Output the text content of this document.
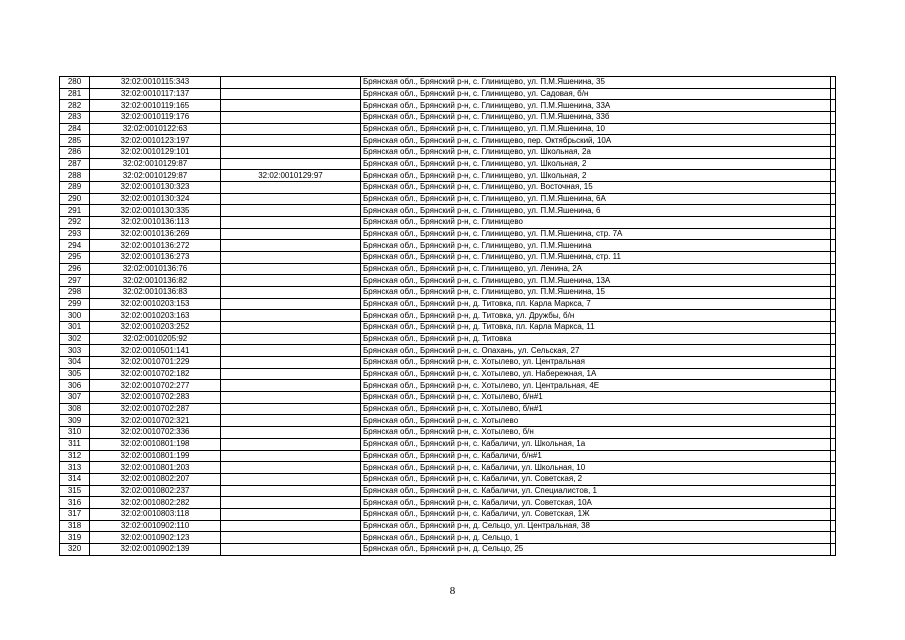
280	32:02:0010115:343		Брянская обл., Брянский р-н, с. Глинищево, ул. П.М.Яшенина, 35	
281	32:02:0010117:137		Брянская обл., Брянский р-н, с. Глинищево, ул. Садовая, б/н	
282	32:02:0010119:165		Брянская обл., Брянский р-н, с. Глинищево, ул. П.М.Яшенина, 33А	
283	32:02:0010119:176		Брянская обл., Брянский р-н, с. Глинищево, ул. П.М.Яшенина, 33б	
284	32:02:0010122:63		Брянская обл., Брянский р-н, с. Глинищево, ул. П.М.Яшенина, 10	
285	32:02:0010123:197		Брянская обл., Брянский р-н, с. Глинищево, пер. Октябрьский, 10А	
286	32:02:0010129:101		Брянская обл., Брянский р-н, с. Глинищево, ул. Школьная, 2а	
287	32:02:0010129:87		Брянская обл., Брянский р-н, с. Глинищево, ул. Школьная, 2	
288	32:02:0010129:87	32:02:0010129:97	Брянская обл., Брянский р-н, с. Глинищево, ул. Школьная, 2	
289	32:02:0010130:323		Брянская обл., Брянский р-н, с. Глинищево, ул. Восточная, 15	
290	32:02:0010130:324		Брянская обл., Брянский р-н, с. Глинищево, ул. П.М.Яшенина, 6А	
291	32:02:0010130:335		Брянская обл., Брянский р-н, с. Глинищево, ул. П.М.Яшенина, 6	
292	32:02:0010136:113		Брянская обл., Брянский р-н, с. Глинищево	
293	32:02:0010136:269		Брянская обл., Брянский р-н, с. Глинищево, ул. П.М.Яшенина, стр. 7А	
294	32:02:0010136:272		Брянская обл., Брянский р-н, с. Глинищево, ул. П.М.Яшенина	
295	32:02:0010136:273		Брянская обл., Брянский р-н, с. Глинищево, ул. П.М.Яшенина, стр. 11	
296	32:02:0010136:76		Брянская обл., Брянский р-н, с. Глинищево, ул. Ленина, 2А	
297	32:02:0010136:82		Брянская обл., Брянский р-н, с. Глинищево, ул. П.М.Яшенина, 13А	
298	32:02:0010136:83		Брянская обл., Брянский р-н, с. Глинищево, ул. П.М.Яшенина, 15	
299	32:02:0010203:153		Брянская обл., Брянский р-н, д. Титовка, пл. Карла Маркса, 7	
300	32:02:0010203:163		Брянская обл., Брянский р-н, д. Титовка, ул. Дружбы, б/н	
301	32:02:0010203:252		Брянская обл., Брянский р-н, д. Титовка, пл. Карла Маркса, 11	
302	32:02:0010205:92		Брянская обл., Брянский р-н, д. Титовка	
303	32:02:0010501:141		Брянская обл., Брянский р-н, с. Опахань, ул. Сельская, 27	
304	32:02:0010701:229		Брянская обл., Брянский р-н, с. Хотылево, ул. Центральная	
305	32:02:0010702:182		Брянская обл., Брянский р-н, с. Хотылево, ул. Набережная, 1А	
306	32:02:0010702:277		Брянская обл., Брянский р-н, с. Хотылево, ул. Центральная, 4Е	
307	32:02:0010702:283		Брянская обл., Брянский р-н, с. Хотылево, б/н#1	
308	32:02:0010702:287		Брянская обл., Брянский р-н, с. Хотылево, б/н#1	
309	32:02:0010702:321		Брянская обл., Брянский р-н, с. Хотылево	
310	32:02:0010702:336		Брянская обл., Брянский р-н, с. Хотылево, б/н	
311	32:02:0010801:198		Брянская обл., Брянский р-н, с. Кабаличи, ул. Школьная, 1а	
312	32:02:0010801:199		Брянская обл., Брянский р-н, с. Кабаличи, б/н#1	
313	32:02:0010801:203		Брянская обл., Брянский р-н, с. Кабаличи, ул. Школьная, 10	
314	32:02:0010802:207		Брянская обл., Брянский р-н, с. Кабаличи, ул. Советская, 2	
315	32:02:0010802:237		Брянская обл., Брянский р-н, с. Кабаличи, ул. Специалистов, 1	
316	32:02:0010802:282		Брянская обл., Брянский р-н, с. Кабаличи, ул. Советская, 10А	
317	32:02:0010803:118		Брянская обл., Брянский р-н, с. Кабаличи, ул. Советская, 1Ж	
318	32:02:0010902:110		Брянская обл., Брянский р-н, д. Сельцо, ул. Центральная, 38	
319	32:02:0010902:123		Брянская обл., Брянский р-н, д. Сельцо, 1	
320	32:02:0010902:139		Брянская обл., Брянский р-н, д. Сельцо, 25	
8
